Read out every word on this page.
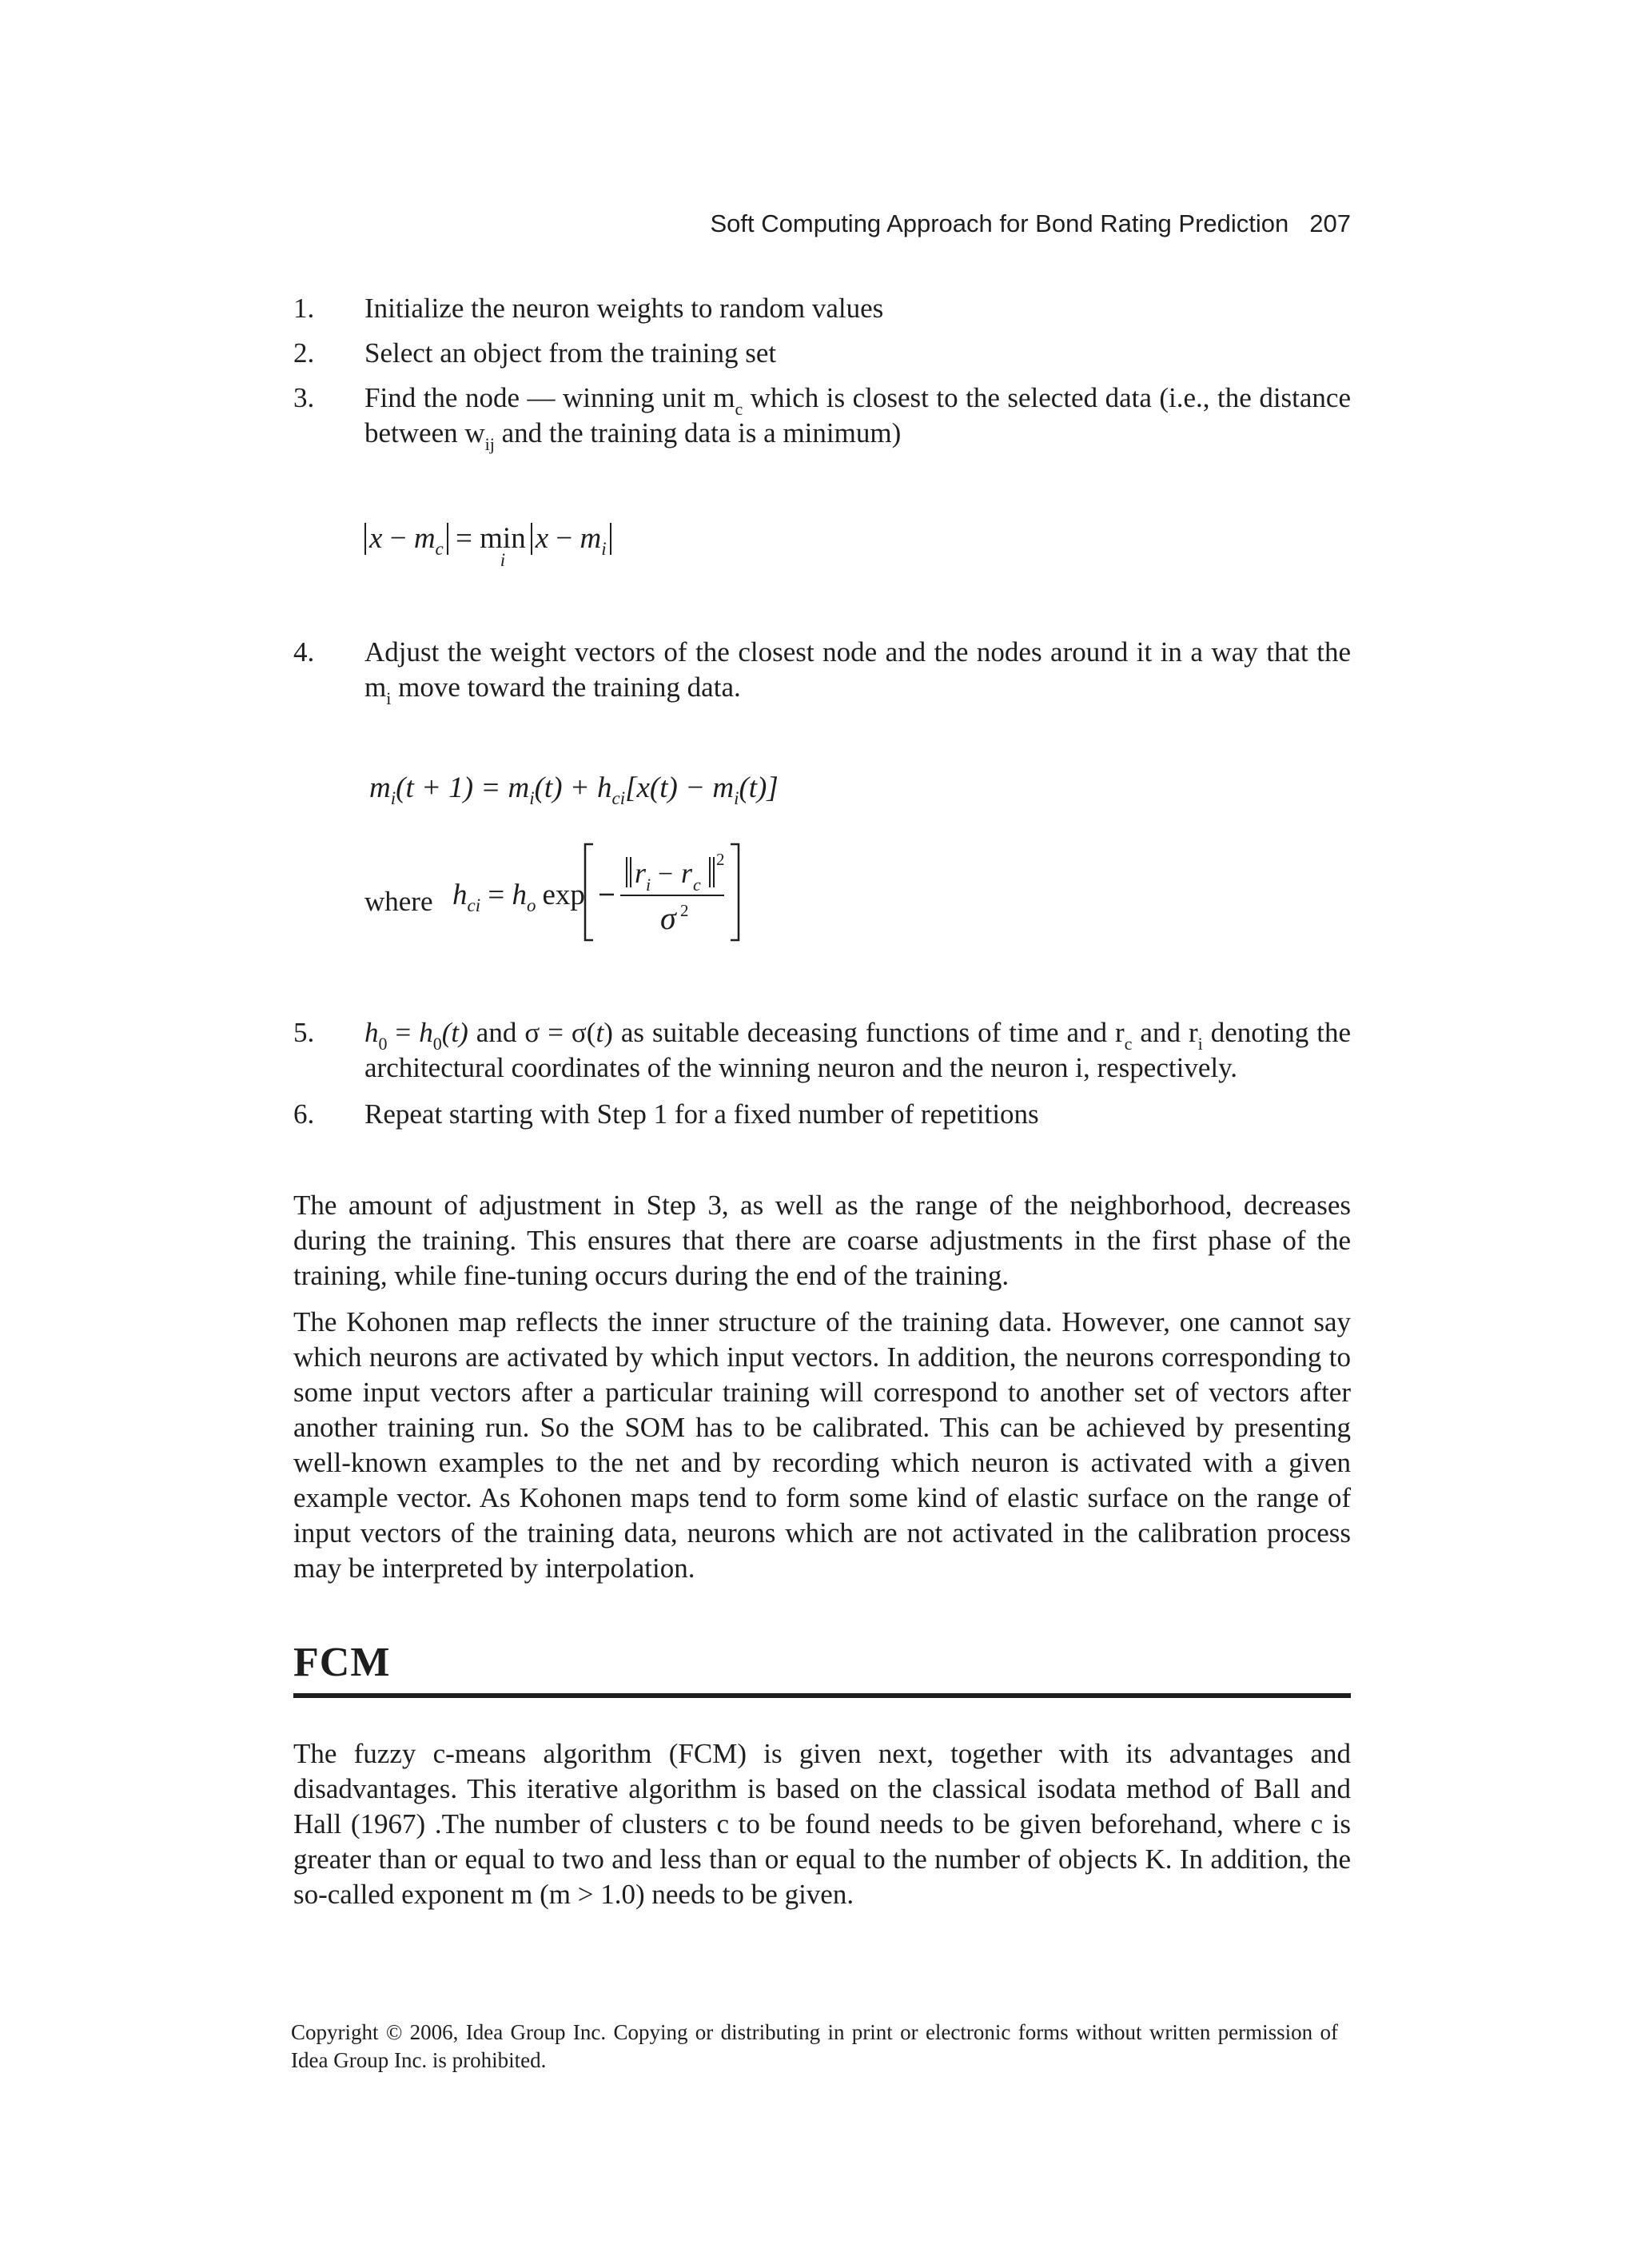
Soft Computing Approach for Bond Rating Prediction 207
1. Initialize the neuron weights to random values
2. Select an object from the training set
3. Find the node — winning unit $m_c$ which is closest to the selected data (i.e., the distance between $w_{ij}$ and the training data is a minimum)
4. Adjust the weight vectors of the closest node and the nodes around it in a way that the $m_i$ move toward the training data.
5. $h_0 = h_0(t)$ and σ = σ(t) as suitable deceasing functions of time and $r_c$ and $r_i$ denoting the architectural coordinates of the winning neuron and the neuron i, respectively.
6. Repeat starting with Step 1 for a fixed number of repetitions
$x - m_c = \min$
i
$x - m_i$
$m_i(t + 1) = m_i(t) + h_{ci}[x(t) - m_i(t)]$
where $h_{ci} = h_o$ exp
r i − r c
2
σ 2

The amount of adjustment in Step 3, as well as the range of the neighborhood, decreases during the training. This ensures that there are coarse adjustments in the first phase of the training, while fine-tuning occurs during the end of the training.

The Kohonen map reflects the inner structure of the training data. However, one cannot say which neurons are activated by which input vectors. In addition, the neurons corresponding to some input vectors after a particular training will correspond to another set of vectors after another training run. So the SOM has to be calibrated. This can be achieved by presenting well-known examples to the net and by recording which neuron is activated with a given example vector. As Kohonen maps tend to form some kind of elastic surface on the range of input vectors of the training data, neurons which are not activated in the calibration process may be interpreted by interpolation.

FCM

The fuzzy c-means algorithm (FCM) is given next, together with its advantages and disadvantages. This iterative algorithm is based on the classical isodata method of Ball and Hall (1967) .The number of clusters c to be found needs to be given beforehand, where c is greater than or equal to two and less than or equal to the number of objects K. In addition, the so-called exponent m (m > 1.0) needs to be given.

Copyright © 2006, Idea Group Inc. Copying or distributing in print or electronic forms without written permission of Idea Group Inc. is prohibited.
